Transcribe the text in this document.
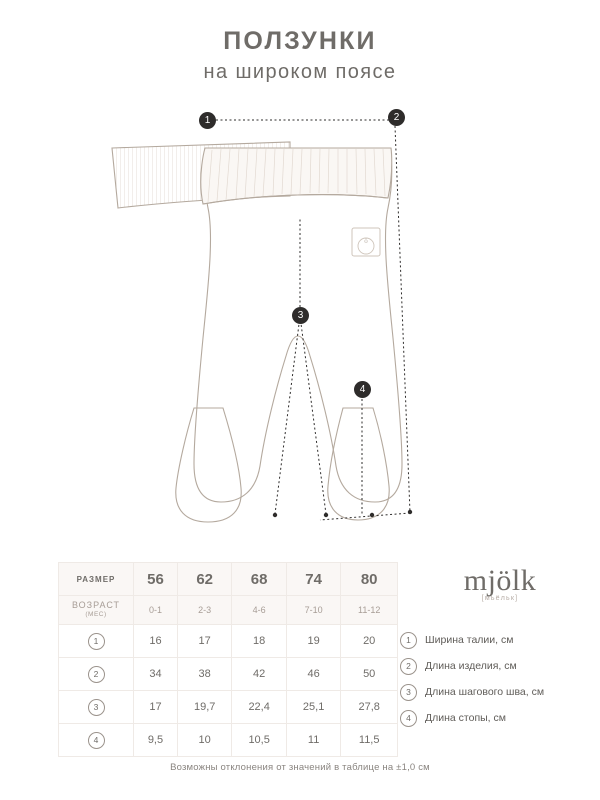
ПОЛЗУНКИ
на широком поясе
ö
1	2
3
4
РАЗМЕР	56	62	68	74	80
ВОЗРАСТ
(МЕС)	0-1	2-3	4-6	7-10	11-12
1	16	17	18	19	20
2	34	38	42	46	50
3	17	19,7	22,4	25,1	27,8
4	9,5	10	10,5	11	11,5
mjölk
[мьёльк]
1	Ширина талии, см
2	Длина изделия, см
3	Длина шагового шва, см
4	Длина стопы, см
Возможны отклонения от значений в таблице на ±1,0 см
